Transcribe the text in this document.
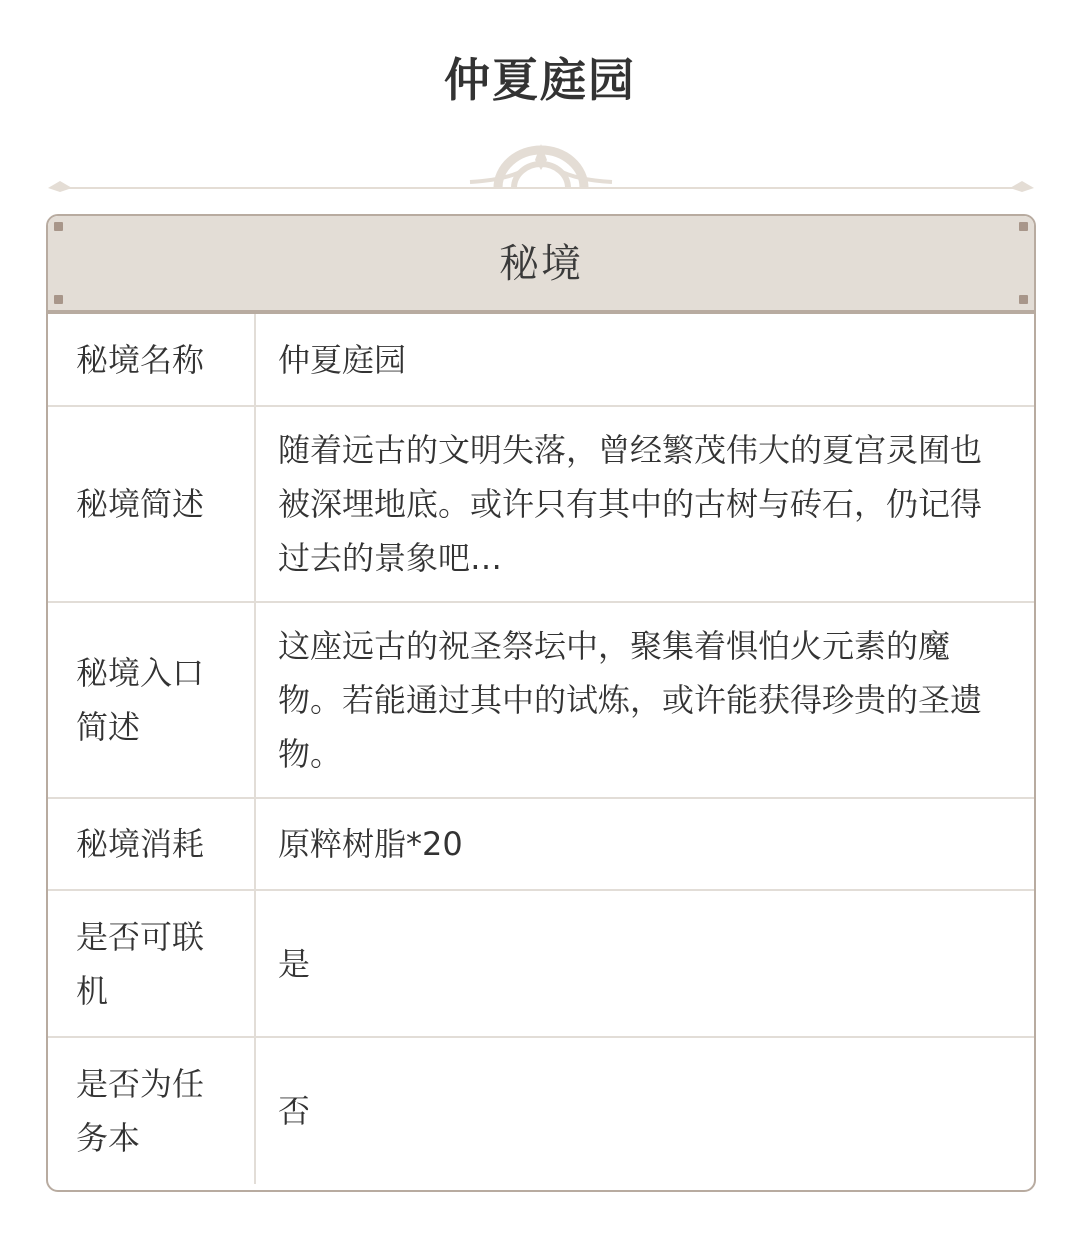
仲夏庭园
秘境
秘境名称	仲夏庭园
秘境简述	随着远古的文明失落，曾经繁茂伟大的夏宫灵囿也被深埋地底。或许只有其中的古树与砖石，仍记得过去的景象吧…
秘境入口简述	这座远古的祝圣祭坛中，聚集着惧怕火元素的魔物。若能通过其中的试炼，或许能获得珍贵的圣遗物。
秘境消耗	原粹树脂*20
是否可联机	是
是否为任务本	否
